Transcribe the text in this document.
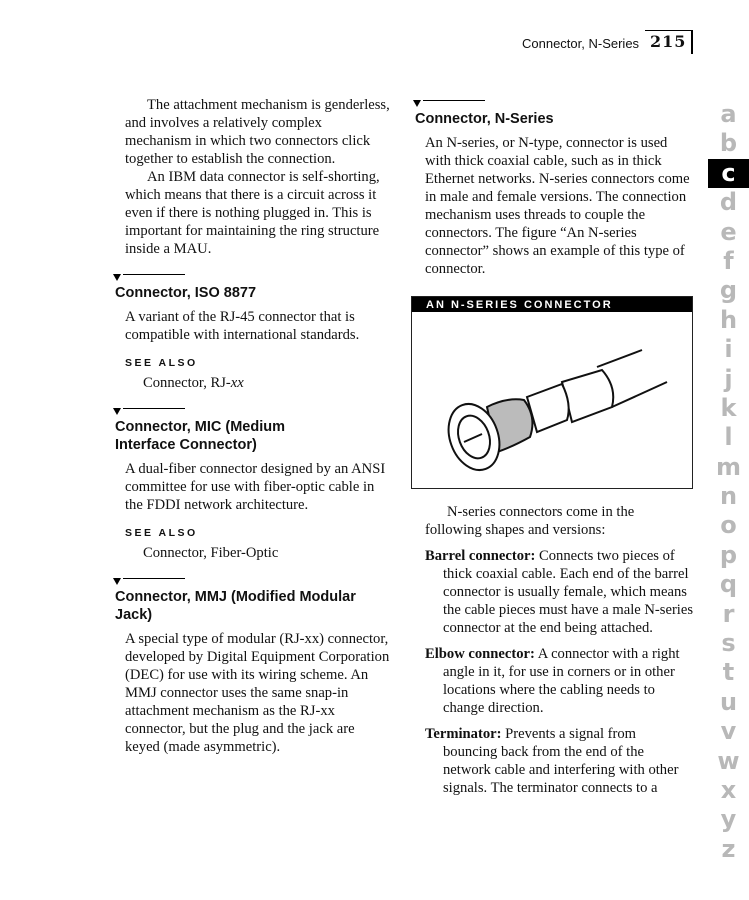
Connector, N-Series 215

The attachment mechanism is genderless, and involves a relatively complex mechanism in which two connectors click together to establish the connection.

An IBM data connector is self-shorting, which means that there is a circuit across it even if there is nothing plugged in. This is important for maintaining the ring structure inside a MAU.

Connector, ISO 8877

A variant of the RJ-45 connector that is compatible with international standards.

SEE ALSO
Connector, RJ-xx
Connector, MIC (Medium Interface Connector)

A dual-fiber connector designed by an ANSI committee for use with fiber-optic cable in the FDDI network architecture.

SEE ALSO
Connector, Fiber-Optic
Connector, MMJ (Modified Modular Jack)

A special type of modular (RJ-xx) connector, developed by Digital Equipment Corporation (DEC) for use with its wiring scheme. An MMJ connector uses the same snap-in attachment mechanism as the RJ-xx connector, but the plug and the jack are keyed (made asymmetric).

Connector, N-Series

An N-series, or N-type, connector is used with thick coaxial cable, such as in thick Ethernet networks. N-series connectors come in male and female versions. The connection mechanism uses threads to couple the connectors. The figure “An N-series connector” shows an example of this type of connector.

AN N-SERIES CONNECTOR

N-series connectors come in the following shapes and versions:

Barrel connector: Connects two pieces of thick coaxial cable. Each end of the barrel connector is usually female, which means the cable pieces must have a male N-series connector at the end being attached.
Elbow connector: A connector with a right angle in it, for use in corners or in other locations where the cabling needs to change direction.
Terminator: Prevents a signal from bouncing back from the end of the network cable and interfering with other signals. The terminator connects to a
a
b
c
d
e
f
g
h
i
j
k
l
m
n
o
p
q
r
s
t
u
v
w
x
y
z
